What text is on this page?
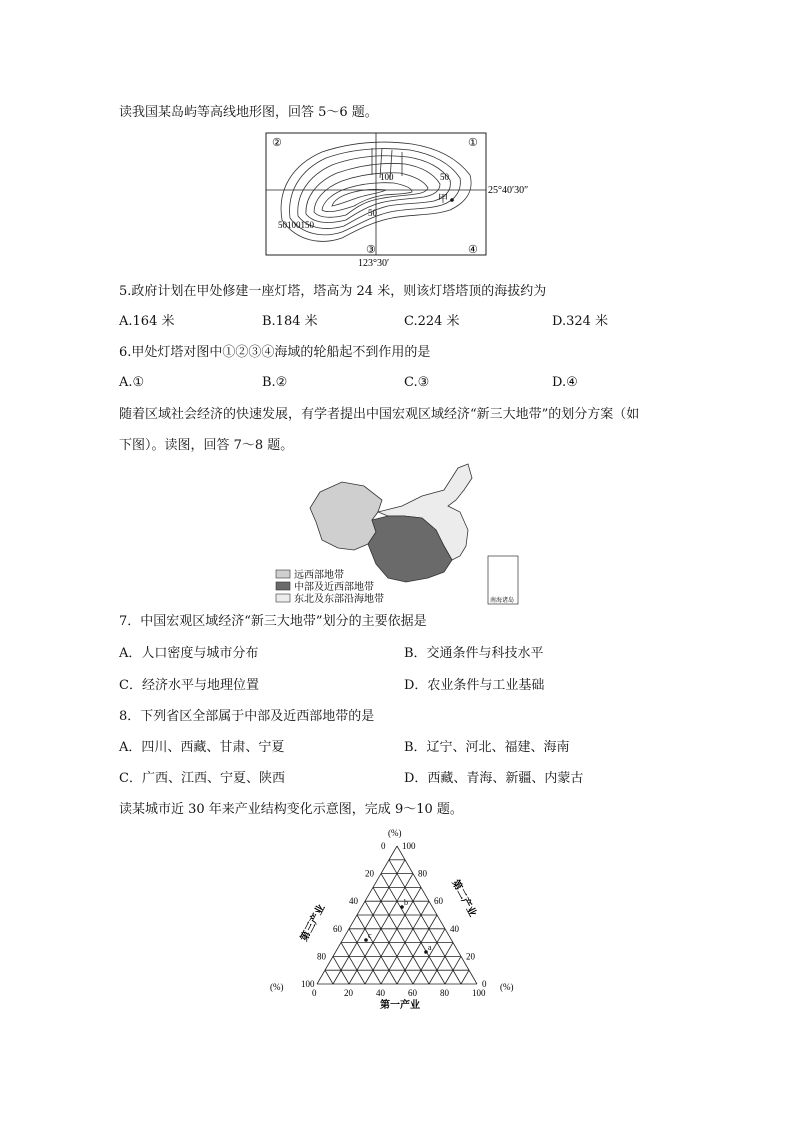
读我国某岛屿等高线地形图，回答 5～6 题。
②	①
③	④
25°40′30″
123°30′
100	50
50
50100150
甲
5.政府计划在甲处修建一座灯塔，塔高为 24 米，则该灯塔塔顶的海拔约为
A.164 米	B.184 米	C.224 米	D.324 米
6.甲处灯塔对图中①②③④海域的轮船起不到作用的是
A.①	B.②	C.③	D.④
随着区域社会经济的快速发展，有学者提出中国宏观区域经济“新三大地带”的划分方案（如
下图）。读图，回答 7～8 题。
远西部地带
中部及近西部地带
东北及东部沿海地带	南海诸岛
7．中国宏观区域经济“新三大地带”划分的主要依据是
A．人口密度与城市分布	B．交通条件与科技水平
C．经济水平与地理位置	D．农业条件与工业基础
8．下列省区全部属于中部及近西部地带的是
A．四川、西藏、甘肃、宁夏	B．辽宁、河北、福建、海南
C．广西、江西、宁夏、陕西	D．西藏、青海、新疆、内蒙古
读某城市近 30 年来产业结构变化示意图，完成 9～10 题。
0
0
0
20
20
20
40
40
40
60
60
60
80
80
80
100
100
100
(%)
(%)	(%)
第一产业
第三产业
第二产业
b
c
a
